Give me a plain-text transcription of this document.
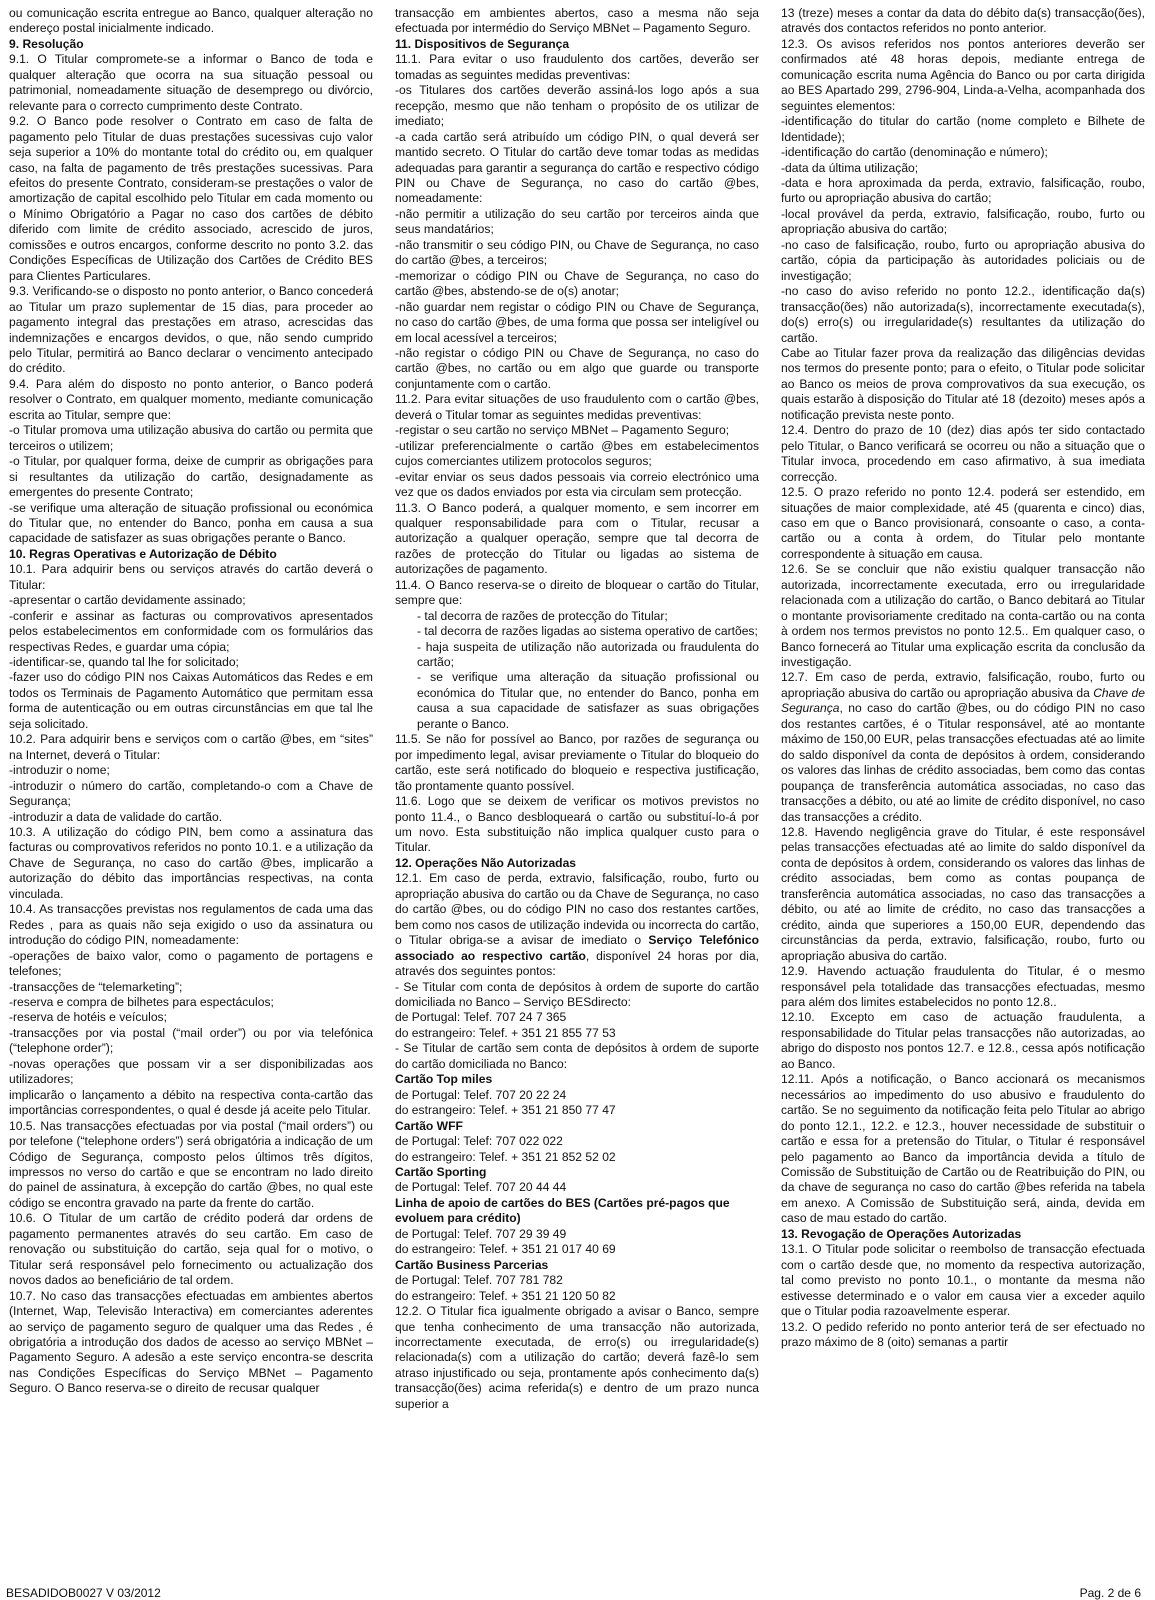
ou comunicação escrita entregue ao Banco, qualquer alteração no endereço postal inicialmente indicado.

9. Resolução

9.1. O Titular compromete-se a informar o Banco de toda e qualquer alteração que ocorra na sua situação pessoal ou patrimonial, nomeadamente situação de desemprego ou divórcio, relevante para o correcto cumprimento deste Contrato.

9.2. O Banco pode resolver o Contrato em caso de falta de pagamento pelo Titular de duas prestações sucessivas cujo valor seja superior a 10% do montante total do crédito ou, em qualquer caso, na falta de pagamento de três prestações sucessivas. Para efeitos do presente Contrato, consideram-se prestações o valor de amortização de capital escolhido pelo Titular em cada momento ou o Mínimo Obrigatório a Pagar no caso dos cartões de débito diferido com limite de crédito associado, acrescido de juros, comissões e outros encargos, conforme descrito no ponto 3.2. das Condições Específicas de Utilização dos Cartões de Crédito BES para Clientes Particulares.

9.3. Verificando-se o disposto no ponto anterior, o Banco concederá ao Titular um prazo suplementar de 15 dias, para proceder ao pagamento integral das prestações em atraso, acrescidas das indemnizações e encargos devidos, o que, não sendo cumprido pelo Titular, permitirá ao Banco declarar o vencimento antecipado do crédito.

9.4. Para além do disposto no ponto anterior, o Banco poderá resolver o Contrato, em qualquer momento, mediante comunicação escrita ao Titular, sempre que:

-o Titular promova uma utilização abusiva do cartão ou permita que terceiros o utilizem;

-o Titular, por qualquer forma, deixe de cumprir as obrigações para si resultantes da utilização do cartão, designadamente as emergentes do presente Contrato;

-se verifique uma alteração de situação profissional ou económica do Titular que, no entender do Banco, ponha em causa a sua capacidade de satisfazer as suas obrigações perante o Banco.

10. Regras Operativas e Autorização de Débito

10.1. Para adquirir bens ou serviços através do cartão deverá o Titular:

-apresentar o cartão devidamente assinado;

-conferir e assinar as facturas ou comprovativos apresentados pelos estabelecimentos em conformidade com os formulários das respectivas Redes, e guardar uma cópia;

-identificar-se, quando tal lhe for solicitado;

-fazer uso do código PIN nos Caixas Automáticos das Redes e em todos os Terminais de Pagamento Automático que permitam essa forma de autenticação ou em outras circunstâncias em que tal lhe seja solicitado.

10.2. Para adquirir bens e serviços com o cartão @bes, em “sites” na Internet, deverá o Titular:

-introduzir o nome;

-introduzir o número do cartão, completando-o com a Chave de Segurança;

-introduzir a data de validade do cartão.

10.3. A utilização do código PIN, bem como a assinatura das facturas ou comprovativos referidos no ponto 10.1. e a utilização da Chave de Segurança, no caso do cartão @bes, implicarão a autorização do débito das importâncias respectivas, na conta vinculada.

10.4. As transacções previstas nos regulamentos de cada uma das Redes , para as quais não seja exigido o uso da assinatura ou introdução do código PIN, nomeadamente:

-operações de baixo valor, como o pagamento de portagens e telefones;

-transacções de “telemarketing”;

-reserva e compra de bilhetes para espectáculos;

-reserva de hotéis e veículos;

-transacções por via postal (“mail order”) ou por via telefónica (“telephone order”);

-novas operações que possam vir a ser disponibilizadas aos utilizadores;

implicarão o lançamento a débito na respectiva conta-cartão das importâncias correspondentes, o qual é desde já aceite pelo Titular.

10.5. Nas transacções efectuadas por via postal (“mail orders”) ou por telefone (“telephone orders”) será obrigatória a indicação de um Código de Segurança, composto pelos últimos três dígitos, impressos no verso do cartão e que se encontram no lado direito do painel de assinatura, à excepção do cartão @bes, no qual este código se encontra gravado na parte da frente do cartão.

10.6. O Titular de um cartão de crédito poderá dar ordens de pagamento permanentes através do seu cartão. Em caso de renovação ou substituição do cartão, seja qual for o motivo, o Titular será responsável pelo fornecimento ou actualização dos novos dados ao beneficiário de tal ordem.

10.7. No caso das transacções efectuadas em ambientes abertos (Internet, Wap, Televisão Interactiva) em comerciantes aderentes ao serviço de pagamento seguro de qualquer uma das Redes , é obrigatória a introdução dos dados de acesso ao serviço MBNet – Pagamento Seguro. A adesão a este serviço encontra-se descrita nas Condições Específicas do Serviço MBNet – Pagamento Seguro. O Banco reserva-se o direito de recusar qualquer

transacção em ambientes abertos, caso a mesma não seja efectuada por intermédio do Serviço MBNet – Pagamento Seguro.

11. Dispositivos de Segurança

11.1. Para evitar o uso fraudulento dos cartões, deverão ser tomadas as seguintes medidas preventivas:

-os Titulares dos cartões deverão assiná-los logo após a sua recepção, mesmo que não tenham o propósito de os utilizar de imediato;

-a cada cartão será atribuído um código PIN, o qual deverá ser mantido secreto. O Titular do cartão deve tomar todas as medidas adequadas para garantir a segurança do cartão e respectivo código PIN ou Chave de Segurança, no caso do cartão @bes, nomeadamente:

-não permitir a utilização do seu cartão por terceiros ainda que seus mandatários;

-não transmitir o seu código PIN, ou Chave de Segurança, no caso do cartão @bes, a terceiros;

-memorizar o código PIN ou Chave de Segurança, no caso do cartão @bes, abstendo-se de o(s) anotar;

-não guardar nem registar o código PIN ou Chave de Segurança, no caso do cartão @bes, de uma forma que possa ser inteligível ou em local acessível a terceiros;

-não registar o código PIN ou Chave de Segurança, no caso do cartão @bes, no cartão ou em algo que guarde ou transporte conjuntamente com o cartão.

11.2. Para evitar situações de uso fraudulento com o cartão @bes, deverá o Titular tomar as seguintes medidas preventivas:

-registar o seu cartão no serviço MBNet – Pagamento Seguro;

-utilizar preferencialmente o cartão @bes em estabelecimentos cujos comerciantes utilizem protocolos seguros;

-evitar enviar os seus dados pessoais via correio electrónico uma vez que os dados enviados por esta via circulam sem protecção.

11.3. O Banco poderá, a qualquer momento, e sem incorrer em qualquer responsabilidade para com o Titular, recusar a autorização a qualquer operação, sempre que tal decorra de razões de protecção do Titular ou ligadas ao sistema de autorizações de pagamento.

11.4. O Banco reserva-se o direito de bloquear o cartão do Titular, sempre que:

- tal decorra de razões de protecção do Titular;

- tal decorra de razões ligadas ao sistema operativo de cartões;

- haja suspeita de utilização não autorizada ou fraudulenta do cartão;

- se verifique uma alteração da situação profissional ou económica do Titular que, no entender do Banco, ponha em causa a sua capacidade de satisfazer as suas obrigações perante o Banco.

11.5. Se não for possível ao Banco, por razões de segurança ou por impedimento legal, avisar previamente o Titular do bloqueio do cartão, este será notificado do bloqueio e respectiva justificação, tão prontamente quanto possível.

11.6. Logo que se deixem de verificar os motivos previstos no ponto 11.4., o Banco desbloqueará o cartão ou substituí-lo-á por um novo. Esta substituição não implica qualquer custo para o Titular.

12. Operações Não Autorizadas

12.1. Em caso de perda, extravio, falsificação, roubo, furto ou apropriação abusiva do cartão ou da Chave de Segurança, no caso do cartão @bes, ou do código PIN no caso dos restantes cartões, bem como nos casos de utilização indevida ou incorrecta do cartão, o Titular obriga-se a avisar de imediato o Serviço Telefónico associado ao respectivo cartão, disponível 24 horas por dia, através dos seguintes pontos:

- Se Titular com conta de depósitos à ordem de suporte do cartão domiciliada no Banco – Serviço BESdirecto:

de Portugal: Telef. 707 24 7 365

do estrangeiro: Telef. + 351 21 855 77 53

- Se Titular de cartão sem conta de depósitos à ordem de suporte do cartão domiciliada no Banco:

Cartão Top miles

de Portugal: Telef. 707 20 22 24

do estrangeiro: Telef. + 351 21 850 77 47

Cartão WFF

de Portugal: Telef: 707 022 022

do estrangeiro: Telef. + 351 21 852 52 02

Cartão Sporting

de Portugal: Telef. 707 20 44 44

Linha de apoio de cartões do BES (Cartões pré-pagos que evoluem para crédito)

de Portugal: Telef. 707 29 39 49

do estrangeiro: Telef. + 351 21 017 40 69

Cartão Business Parcerias

de Portugal: Telef. 707 781 782

do estrangeiro: Telef. + 351 21 120 50 82

12.2. O Titular fica igualmente obrigado a avisar o Banco, sempre que tenha conhecimento de uma transacção não autorizada, incorrectamente executada, de erro(s) ou irregularidade(s) relacionada(s) com a utilização do cartão; deverá fazê-lo sem atraso injustificado ou seja, prontamente após conhecimento da(s) transacção(ões) acima referida(s) e dentro de um prazo nunca superior a

13 (treze) meses a contar da data do débito da(s) transacção(ões), através dos contactos referidos no ponto anterior.

12.3. Os avisos referidos nos pontos anteriores deverão ser confirmados até 48 horas depois, mediante entrega de comunicação escrita numa Agência do Banco ou por carta dirigida ao BES Apartado 299, 2796-904, Linda-a-Velha, acompanhada dos seguintes elementos:

-identificação do titular do cartão (nome completo e Bilhete de Identidade);

-identificação do cartão (denominação e número);

-data da última utilização;

-data e hora aproximada da perda, extravio, falsificação, roubo, furto ou apropriação abusiva do cartão;

-local provável da perda, extravio, falsificação, roubo, furto ou apropriação abusiva do cartão;

-no caso de falsificação, roubo, furto ou apropriação abusiva do cartão, cópia da participação às autoridades policiais ou de investigação;

-no caso do aviso referido no ponto 12.2., identificação da(s) transacção(ões) não autorizada(s), incorrectamente executada(s), do(s) erro(s) ou irregularidade(s) resultantes da utilização do cartão.

Cabe ao Titular fazer prova da realização das diligências devidas nos termos do presente ponto; para o efeito, o Titular pode solicitar ao Banco os meios de prova comprovativos da sua execução, os quais estarão à disposição do Titular até 18 (dezoito) meses após a notificação prevista neste ponto.

12.4. Dentro do prazo de 10 (dez) dias após ter sido contactado pelo Titular, o Banco verificará se ocorreu ou não a situação que o Titular invoca, procedendo em caso afirmativo, à sua imediata correcção.

12.5. O prazo referido no ponto 12.4. poderá ser estendido, em situações de maior complexidade, até 45 (quarenta e cinco) dias, caso em que o Banco provisionará, consoante o caso, a conta-cartão ou a conta à ordem, do Titular pelo montante correspondente à situação em causa.

12.6. Se se concluir que não existiu qualquer transacção não autorizada, incorrectamente executada, erro ou irregularidade relacionada com a utilização do cartão, o Banco debitará ao Titular o montante provisoriamente creditado na conta-cartão ou na conta à ordem nos termos previstos no ponto 12.5.. Em qualquer caso, o Banco fornecerá ao Titular uma explicação escrita da conclusão da investigação.

12.7. Em caso de perda, extravio, falsificação, roubo, furto ou apropriação abusiva do cartão ou apropriação abusiva da Chave de Segurança, no caso do cartão @bes, ou do código PIN no caso dos restantes cartões, é o Titular responsável, até ao montante máximo de 150,00 EUR, pelas transacções efectuadas até ao limite do saldo disponível da conta de depósitos à ordem, considerando os valores das linhas de crédito associadas, bem como das contas poupança de transferência automática associadas, no caso das transacções a débito, ou até ao limite de crédito disponível, no caso das transacções a crédito.

12.8. Havendo negligência grave do Titular, é este responsável pelas transacções efectuadas até ao limite do saldo disponível da conta de depósitos à ordem, considerando os valores das linhas de crédito associadas, bem como as contas poupança de transferência automática associadas, no caso das transacções a débito, ou até ao limite de crédito, no caso das transacções a crédito, ainda que superiores a 150,00 EUR, dependendo das circunstâncias da perda, extravio, falsificação, roubo, furto ou apropriação abusiva do cartão.

12.9. Havendo actuação fraudulenta do Titular, é o mesmo responsável pela totalidade das transacções efectuadas, mesmo para além dos limites estabelecidos no ponto 12.8..

12.10. Excepto em caso de actuação fraudulenta, a responsabilidade do Titular pelas transacções não autorizadas, ao abrigo do disposto nos pontos 12.7. e 12.8., cessa após notificação ao Banco.

12.11. Após a notificação, o Banco accionará os mecanismos necessários ao impedimento do uso abusivo e fraudulento do cartão. Se no seguimento da notificação feita pelo Titular ao abrigo do ponto 12.1., 12.2. e 12.3., houver necessidade de substituir o cartão e essa for a pretensão do Titular, o Titular é responsável pelo pagamento ao Banco da importância devida a título de Comissão de Substituição de Cartão ou de Reatribuição do PIN, ou da chave de segurança no caso do cartão @bes referida na tabela em anexo. A Comissão de Substituição será, ainda, devida em caso de mau estado do cartão.

13. Revogação de Operações Autorizadas

13.1. O Titular pode solicitar o reembolso de transacção efectuada com o cartão desde que, no momento da respectiva autorização, tal como previsto no ponto 10.1., o montante da mesma não estivesse determinado e o valor em causa vier a exceder aquilo que o Titular podia razoavelmente esperar.

13.2. O pedido referido no ponto anterior terá de ser efectuado no prazo máximo de 8 (oito) semanas a partir

BESADIDOB0027 V 03/2012	Pag. 2 de 6
